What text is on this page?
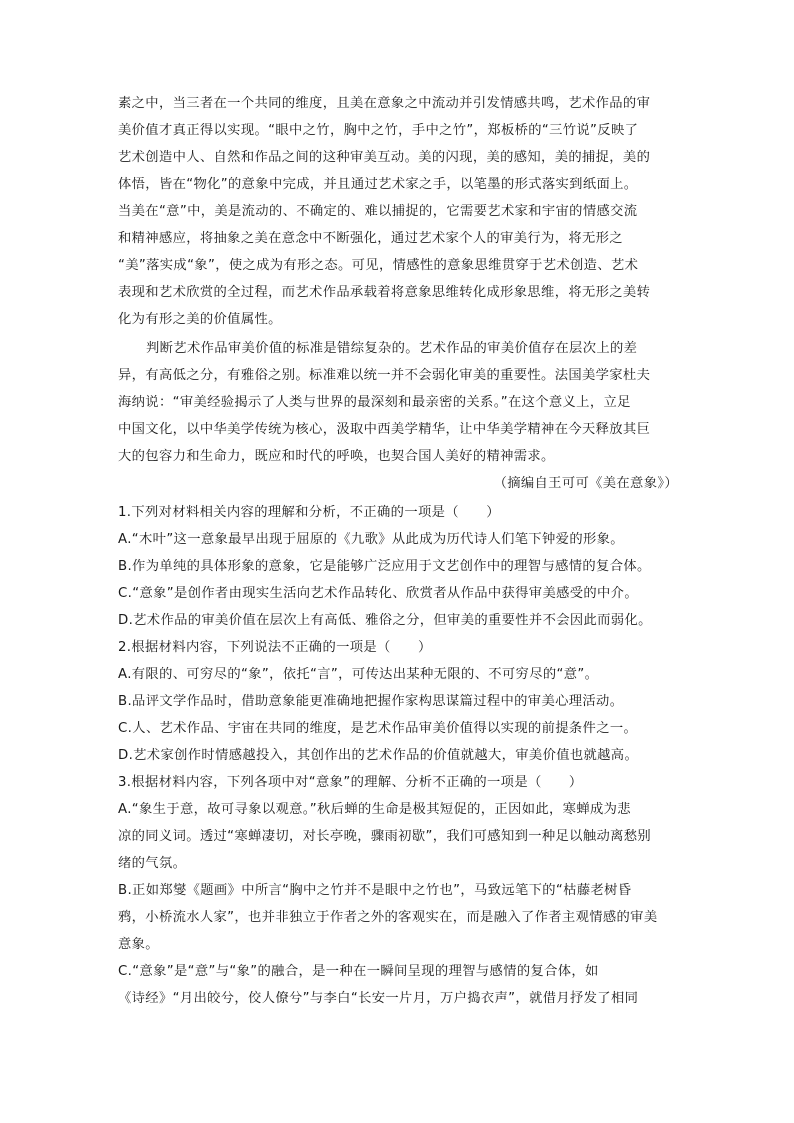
素之中，当三者在一个共同的维度，且美在意象之中流动并引发情感共鸣，艺术作品的审
美价值才真正得以实现。“眼中之竹，胸中之竹，手中之竹”，郑板桥的“三竹说”反映了
艺术创造中人、自然和作品之间的这种审美互动。美的闪现，美的感知，美的捕捉，美的
体悟，皆在“物化”的意象中完成，并且通过艺术家之手，以笔墨的形式落实到纸面上。
当美在“意”中，美是流动的、不确定的、难以捕捉的，它需要艺术家和宇宙的情感交流
和精神感应，将抽象之美在意念中不断强化，通过艺术家个人的审美行为，将无形之
“美”落实成“象”，使之成为有形之态。可见，情感性的意象思维贯穿于艺术创造、艺术
表现和艺术欣赏的全过程，而艺术作品承载着将意象思维转化成形象思维，将无形之美转
化为有形之美的价值属性。
判断艺术作品审美价值的标准是错综复杂的。艺术作品的审美价值存在层次上的差
异，有高低之分，有雅俗之别。标准难以统一并不会弱化审美的重要性。法国美学家杜夫
海纳说：“审美经验揭示了人类与世界的最深刻和最亲密的关系。”在这个意义上，立足
中国文化，以中华美学传统为核心，汲取中西美学精华，让中华美学精神在今天释放其巨
大的包容力和生命力，既应和时代的呼唤，也契合国人美好的精神需求。
（摘编自王可可《美在意象》）
1.下列对材料相关内容的理解和分析，不正确的一项是（　　）
A.“木叶”这一意象最早出现于屈原的《九歌》从此成为历代诗人们笔下钟爱的形象。
B.作为单纯的具体形象的意象，它是能够广泛应用于文艺创作中的理智与感情的复合体。
C.“意象”是创作者由现实生活向艺术作品转化、欣赏者从作品中获得审美感受的中介。
D.艺术作品的审美价值在层次上有高低、雅俗之分，但审美的重要性并不会因此而弱化。
2.根据材料内容，下列说法不正确的一项是（　　）
A.有限的、可穷尽的“象”，依托“言”，可传达出某种无限的、不可穷尽的“意”。
B.品评文学作品时，借助意象能更准确地把握作家构思谋篇过程中的审美心理活动。
C.人、艺术作品、宇宙在共同的维度，是艺术作品审美价值得以实现的前提条件之一。
D.艺术家创作时情感越投入，其创作出的艺术作品的价值就越大，审美价值也就越高。
3.根据材料内容，下列各项中对“意象”的理解、分析不正确的一项是（　　）
A.“象生于意，故可寻象以观意。”秋后蝉的生命是极其短促的，正因如此，寒蝉成为悲
凉的同义词。透过“寒蝉凄切，对长亭晚，骤雨初歇”，我们可感知到一种足以触动离愁别
绪的气氛。
B.正如郑燮《题画》中所言“胸中之竹并不是眼中之竹也”，马致远笔下的“枯藤老树昏
鸦，小桥流水人家”，也并非独立于作者之外的客观实在，而是融入了作者主观情感的审美
意象。
C.“意象”是“意”与“象”的融合，是一种在一瞬间呈现的理智与感情的复合体，如
《诗经》“月出皎兮，佼人僚兮”与李白“长安一片月，万户捣衣声”，就借月抒发了相同
